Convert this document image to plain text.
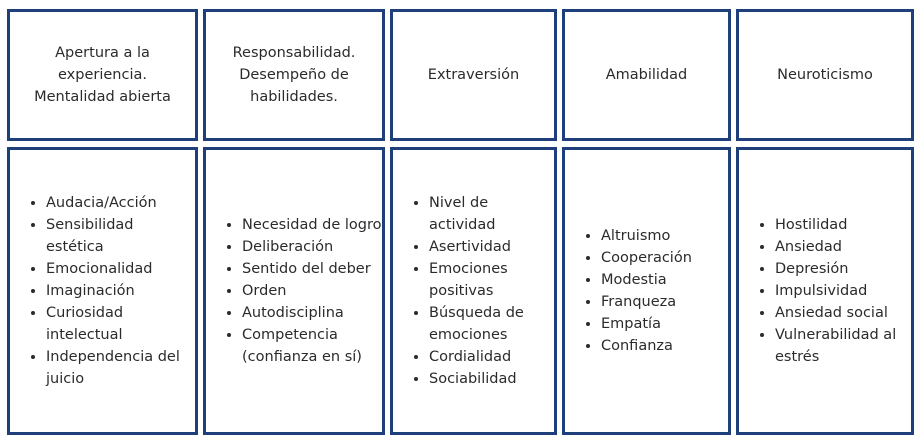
Apertura a la experiencia. Mentalidad abierta
• Audacia/Acción
• Sensibilidad estética
• Emocionalidad
• Imaginación
• Curiosidad intelectual
• Independencia del juicio
Responsabilidad. Desempeño de habilidades.
• Necesidad de logro
• Deliberación
• Sentido del deber
• Orden
• Autodisciplina
• Competencia (confianza en sí)
Extraversión
• Nivel de actividad
• Asertividad
• Emociones positivas
• Búsqueda de emociones
• Cordialidad
• Sociabilidad
Amabilidad
• Altruismo
• Cooperación
• Modestia
• Franqueza
• Empatía
• Confianza
Neuroticismo
• Hostilidad
• Ansiedad
• Depresión
• Impulsividad
• Ansiedad social
• Vulnerabilidad al estrés
